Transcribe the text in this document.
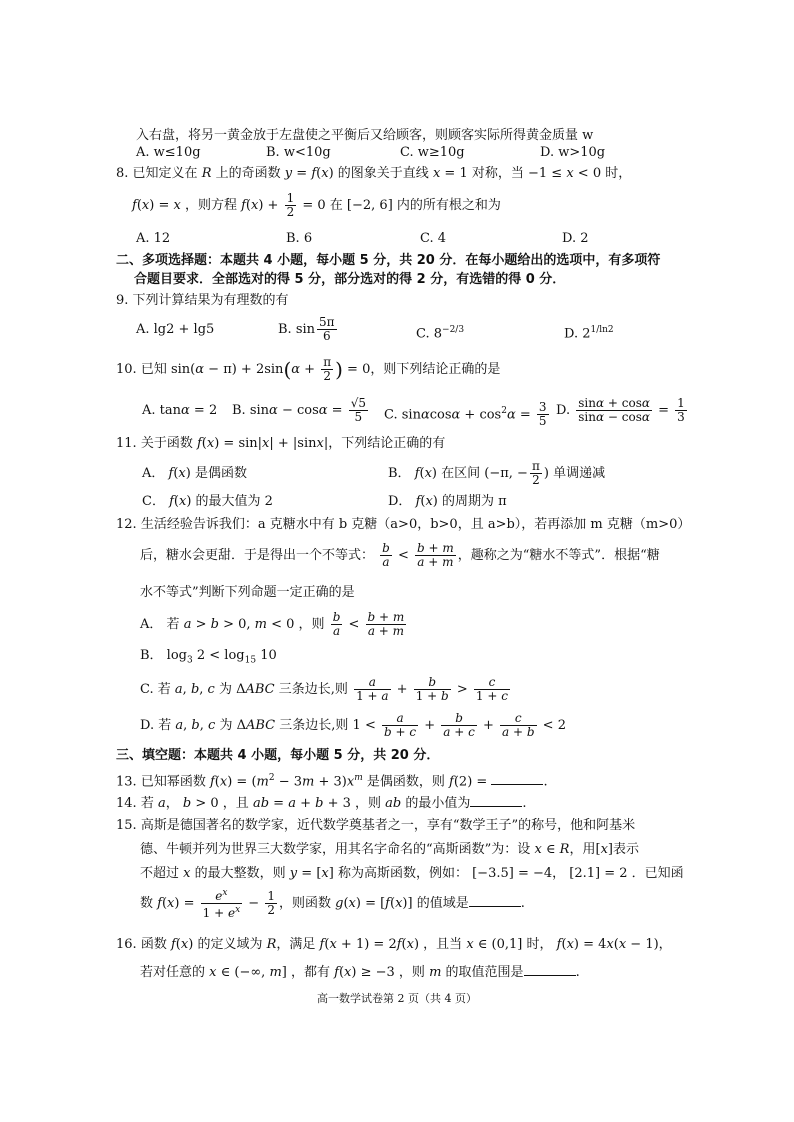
入右盘，将另一黄金放于左盘使之平衡后又给顾客，则顾客实际所得黄金质量 w
A. w≤10g	B. w<10g	C. w≥10g	D. w>10g
8. 已知定义在 R 上的奇函数 y = f(x) 的图象关于直线 x = 1 对称，当 −1 ≤ x < 0 时，
f(x) = x ，则方程 $f(x) + \frac{1}{2} = 0$ 在 [−2, 6] 内的所有根之和为
A. 12	B. 6	C. 4	D. 2
二、多项选择题：本题共 4 小题，每小题 5 分，共 20 分．在每小题给出的选项中，有多项符
合题目要求．全部选对的得 5 分，部分选对的得 2 分，有选错的得 0 分．
9. 下列计算结果为有理数的有
A. lg2 + lg5	B. $\sin \frac{5\pi}{6}$	C. $8^{-2/3}$	D. $2^{1/ln2}$
10. 已知 $\sin(\alpha - \pi) + 2\sin(\alpha + \frac{\pi}{2}$ ) = 0，则下列结论正确的是
A. tanα = 2 B. $\sin\alpha - \cos\alpha = \frac{√5}{5} C$. $\sin\alpha\cos\alpha + \cos^2\alpha = \frac{3}{5} D$. $\frac{\sin\alpha + \cos\alpha}{\sin\alpha - \cos\alpha} = \frac{1}{3}$
11. 关于函数 f(x) = sin|x| + |sinx|，下列结论正确的有
A． f(x) 是偶函数	B． f(x) 在区间 (−π, − $\frac{\pi}{2}$ ) 单调递减
C． f(x) 的最大值为 2	D． f(x) 的周期为 π
12. 生活经验告诉我们：a 克糖水中有 b 克糖（a>0，b>0，且 a>b），若再添加 m 克糖（m>0）
后，糖水会更甜．于是得出一个不等式： $\frac{b}{a} < \frac{b + m}{a + m}$ ，趣称之为“糖水不等式”．根据“糖
水不等式”判断下列命题一定正确的是
A． 若 a > b > 0, m < 0 ，则 $\frac{b}{a} < \frac{b + m}{a + m}$
B． $\log_3 2 < \log_{15} 10$
C. 若 a, b, c 为 ΔABC 三条边长,则 $\frac{a}{1 + a} + \frac{b}{1 + b} > \frac{c}{1 + c}$
D. 若 a, b, c 为 ΔABC 三条边长,则 $1 < \frac{a}{b + c} + \frac{b}{a + c} + \frac{c}{a + b} < 2$
三、填空题：本题共 4 小题，每小题 5 分，共 20 分．
13. 已知幂函数 $f(x) = (m^2 - 3m + 3)x^m$ 是偶函数，则 f(2) =	.
14. 若 a， b > 0 ，且 ab = a + b + 3 ，则 ab 的最小值为	.
15. 高斯是德国著名的数学家，近代数学奠基者之一，享有“数学王子”的称号，他和阿基米
德、牛顿并列为世界三大数学家，用其名字命名的“高斯函数”为：设 x ∈ R，用[x]表示
不超过 x 的最大整数，则 y = [x] 称为高斯函数，例如： [−3.5] = −4， [2.1] = 2 ．已知函
数 $f(x) = \frac{e^x}{1 + e^x} - \frac{1}{2}$ ，则函数 g(x) = [f(x)] 的值域是	.
16. 函数 f(x) 的定义域为 R，满足 f(x + 1) = 2f(x) ，且当 x ∈ (0,1] 时， f(x) = 4x(x − 1)，
若对任意的 x ∈ (−∞, m] ，都有 f(x) ≥ −3 ，则 m 的取值范围是	.
高一数学试卷第 2 页（共 4 页）
